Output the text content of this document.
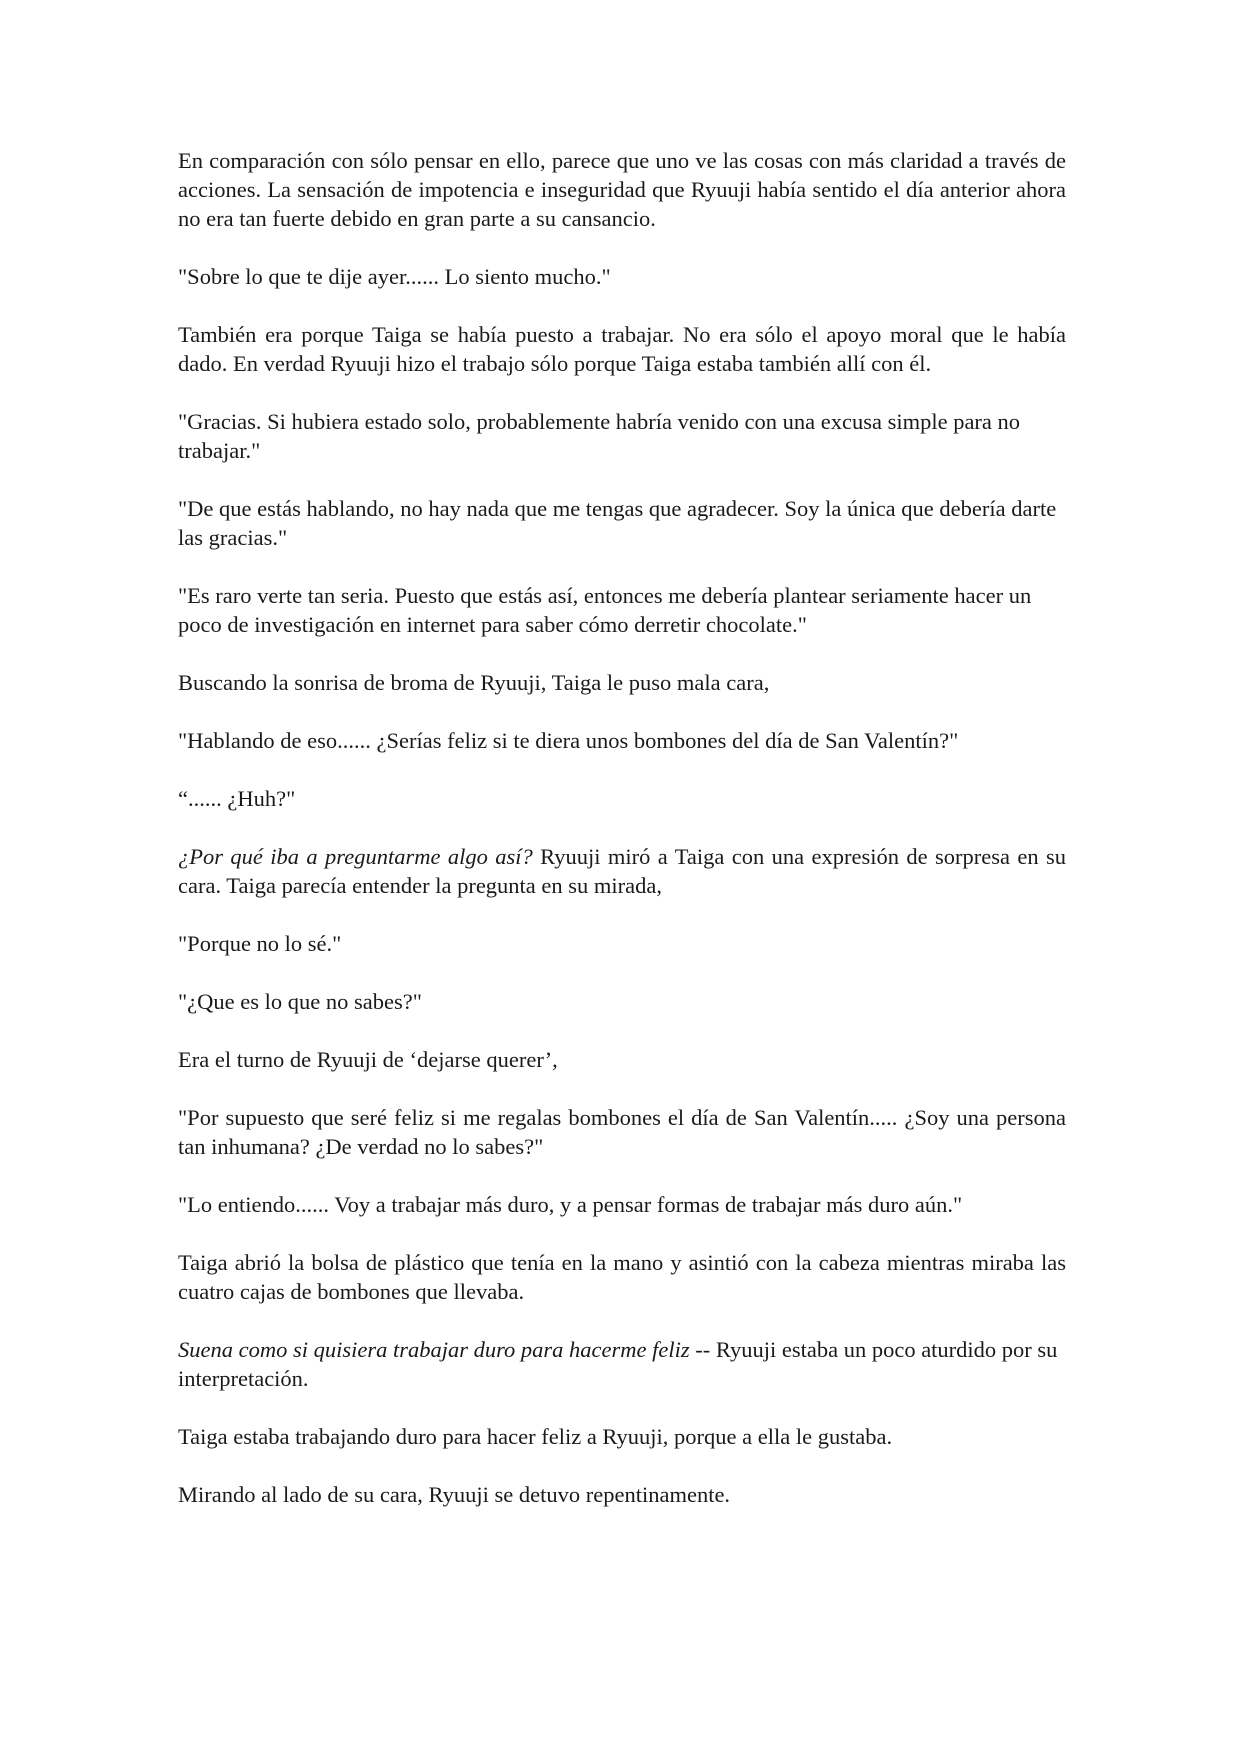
En comparación con sólo pensar en ello, parece que uno ve las cosas con más claridad a través de acciones. La sensación de impotencia e inseguridad que Ryuuji había sentido el día anterior ahora no era tan fuerte debido en gran parte a su cansancio.

"Sobre lo que te dije ayer...... Lo siento mucho."

También era porque Taiga se había puesto a trabajar. No era sólo el apoyo moral que le había dado. En verdad Ryuuji hizo el trabajo sólo porque Taiga estaba también allí con él.

"Gracias. Si hubiera estado solo, probablemente habría venido con una excusa simple para no trabajar."

"De que estás hablando, no hay nada que me tengas que agradecer. Soy la única que debería darte las gracias."

"Es raro verte tan seria. Puesto que estás así, entonces me debería plantear seriamente hacer un poco de investigación en internet para saber cómo derretir chocolate."

Buscando la sonrisa de broma de Ryuuji, Taiga le puso mala cara,

"Hablando de eso...... ¿Serías feliz si te diera unos bombones del día de San Valentín?"

“...... ¿Huh?"

¿Por qué iba a preguntarme algo así? Ryuuji miró a Taiga con una expresión de sorpresa en su cara. Taiga parecía entender la pregunta en su mirada,

"Porque no lo sé."

"¿Que es lo que no sabes?"

Era el turno de Ryuuji de ‘dejarse querer’,

"Por supuesto que seré feliz si me regalas bombones el día de San Valentín..... ¿Soy una persona tan inhumana? ¿De verdad no lo sabes?"

"Lo entiendo...... Voy a trabajar más duro, y a pensar formas de trabajar más duro aún."

Taiga abrió la bolsa de plástico que tenía en la mano y asintió con la cabeza mientras miraba las cuatro cajas de bombones que llevaba.

Suena como si quisiera trabajar duro para hacerme feliz -- Ryuuji estaba un poco aturdido por su interpretación.

Taiga estaba trabajando duro para hacer feliz a Ryuuji, porque a ella le gustaba.

Mirando al lado de su cara, Ryuuji se detuvo repentinamente.
